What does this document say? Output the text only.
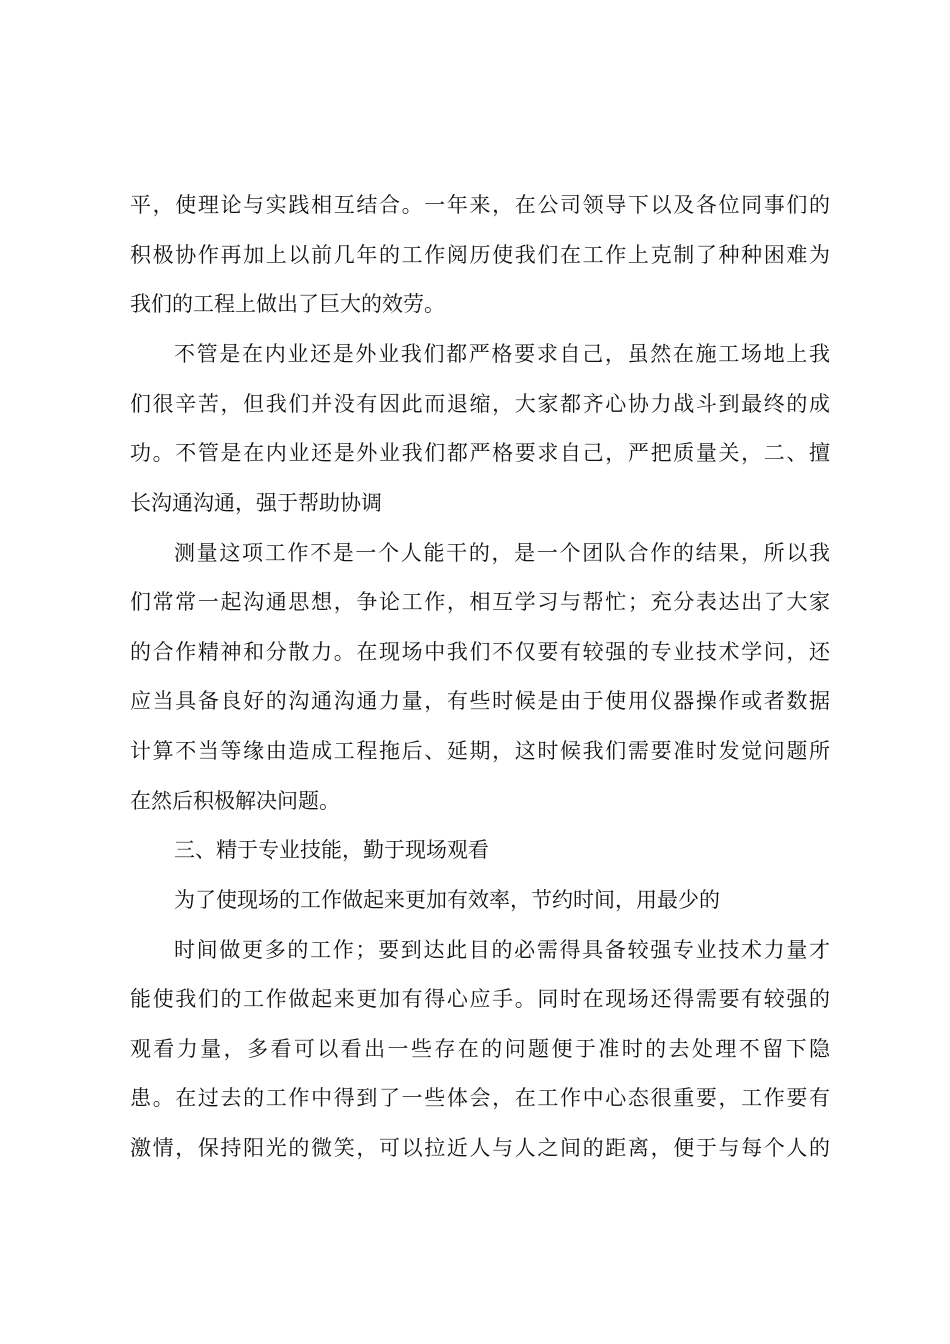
平，使理论与实践相互结合。一年来，在公司领导下以及各位同事们的

积极协作再加上以前几年的工作阅历使我们在工作上克制了种种困难为

我们的工程上做出了巨大的效劳。

不管是在内业还是外业我们都严格要求自己，虽然在施工场地上我

们很辛苦，但我们并没有因此而退缩，大家都齐心协力战斗到最终的成

功。不管是在内业还是外业我们都严格要求自己，严把质量关，二、擅

长沟通沟通，强于帮助协调

测量这项工作不是一个人能干的，是一个团队合作的结果，所以我

们常常一起沟通思想，争论工作，相互学习与帮忙；充分表达出了大家

的合作精神和分散力。在现场中我们不仅要有较强的专业技术学问，还

应当具备良好的沟通沟通力量，有些时候是由于使用仪器操作或者数据

计算不当等缘由造成工程拖后、延期，这时候我们需要准时发觉问题所

在然后积极解决问题。

三、精于专业技能，勤于现场观看

为了使现场的工作做起来更加有效率，节约时间，用最少的

时间做更多的工作；要到达此目的必需得具备较强专业技术力量才

能使我们的工作做起来更加有得心应手。同时在现场还得需要有较强的

观看力量，多看可以看出一些存在的问题便于准时的去处理不留下隐

患。在过去的工作中得到了一些体会，在工作中心态很重要，工作要有

激情，保持阳光的微笑，可以拉近人与人之间的距离，便于与每个人的
